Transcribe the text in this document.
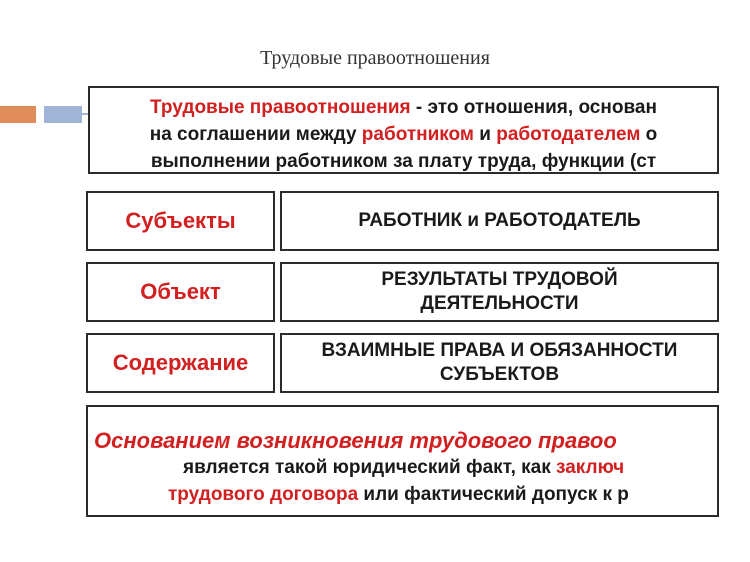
Трудовые правоотношения
Трудовые правоотношения - это отношения, основан
на соглашении между работником и работодателем о
выполнении работником за плату труда, функции (ст
Субъекты	РАБОТНИК и РАБОТОДАТЕЛЬ
Объект	РЕЗУЛЬТАТЫ ТРУДОВОЙ
ДЕЯТЕЛЬНОСТИ
Содержание	ВЗАИМНЫЕ ПРАВА И ОБЯЗАННОСТИ
СУБЪЕКТОВ
Основанием возникновения трудового правоо
является такой юридический факт, как заключ
трудового договора или фактический допуск к р
